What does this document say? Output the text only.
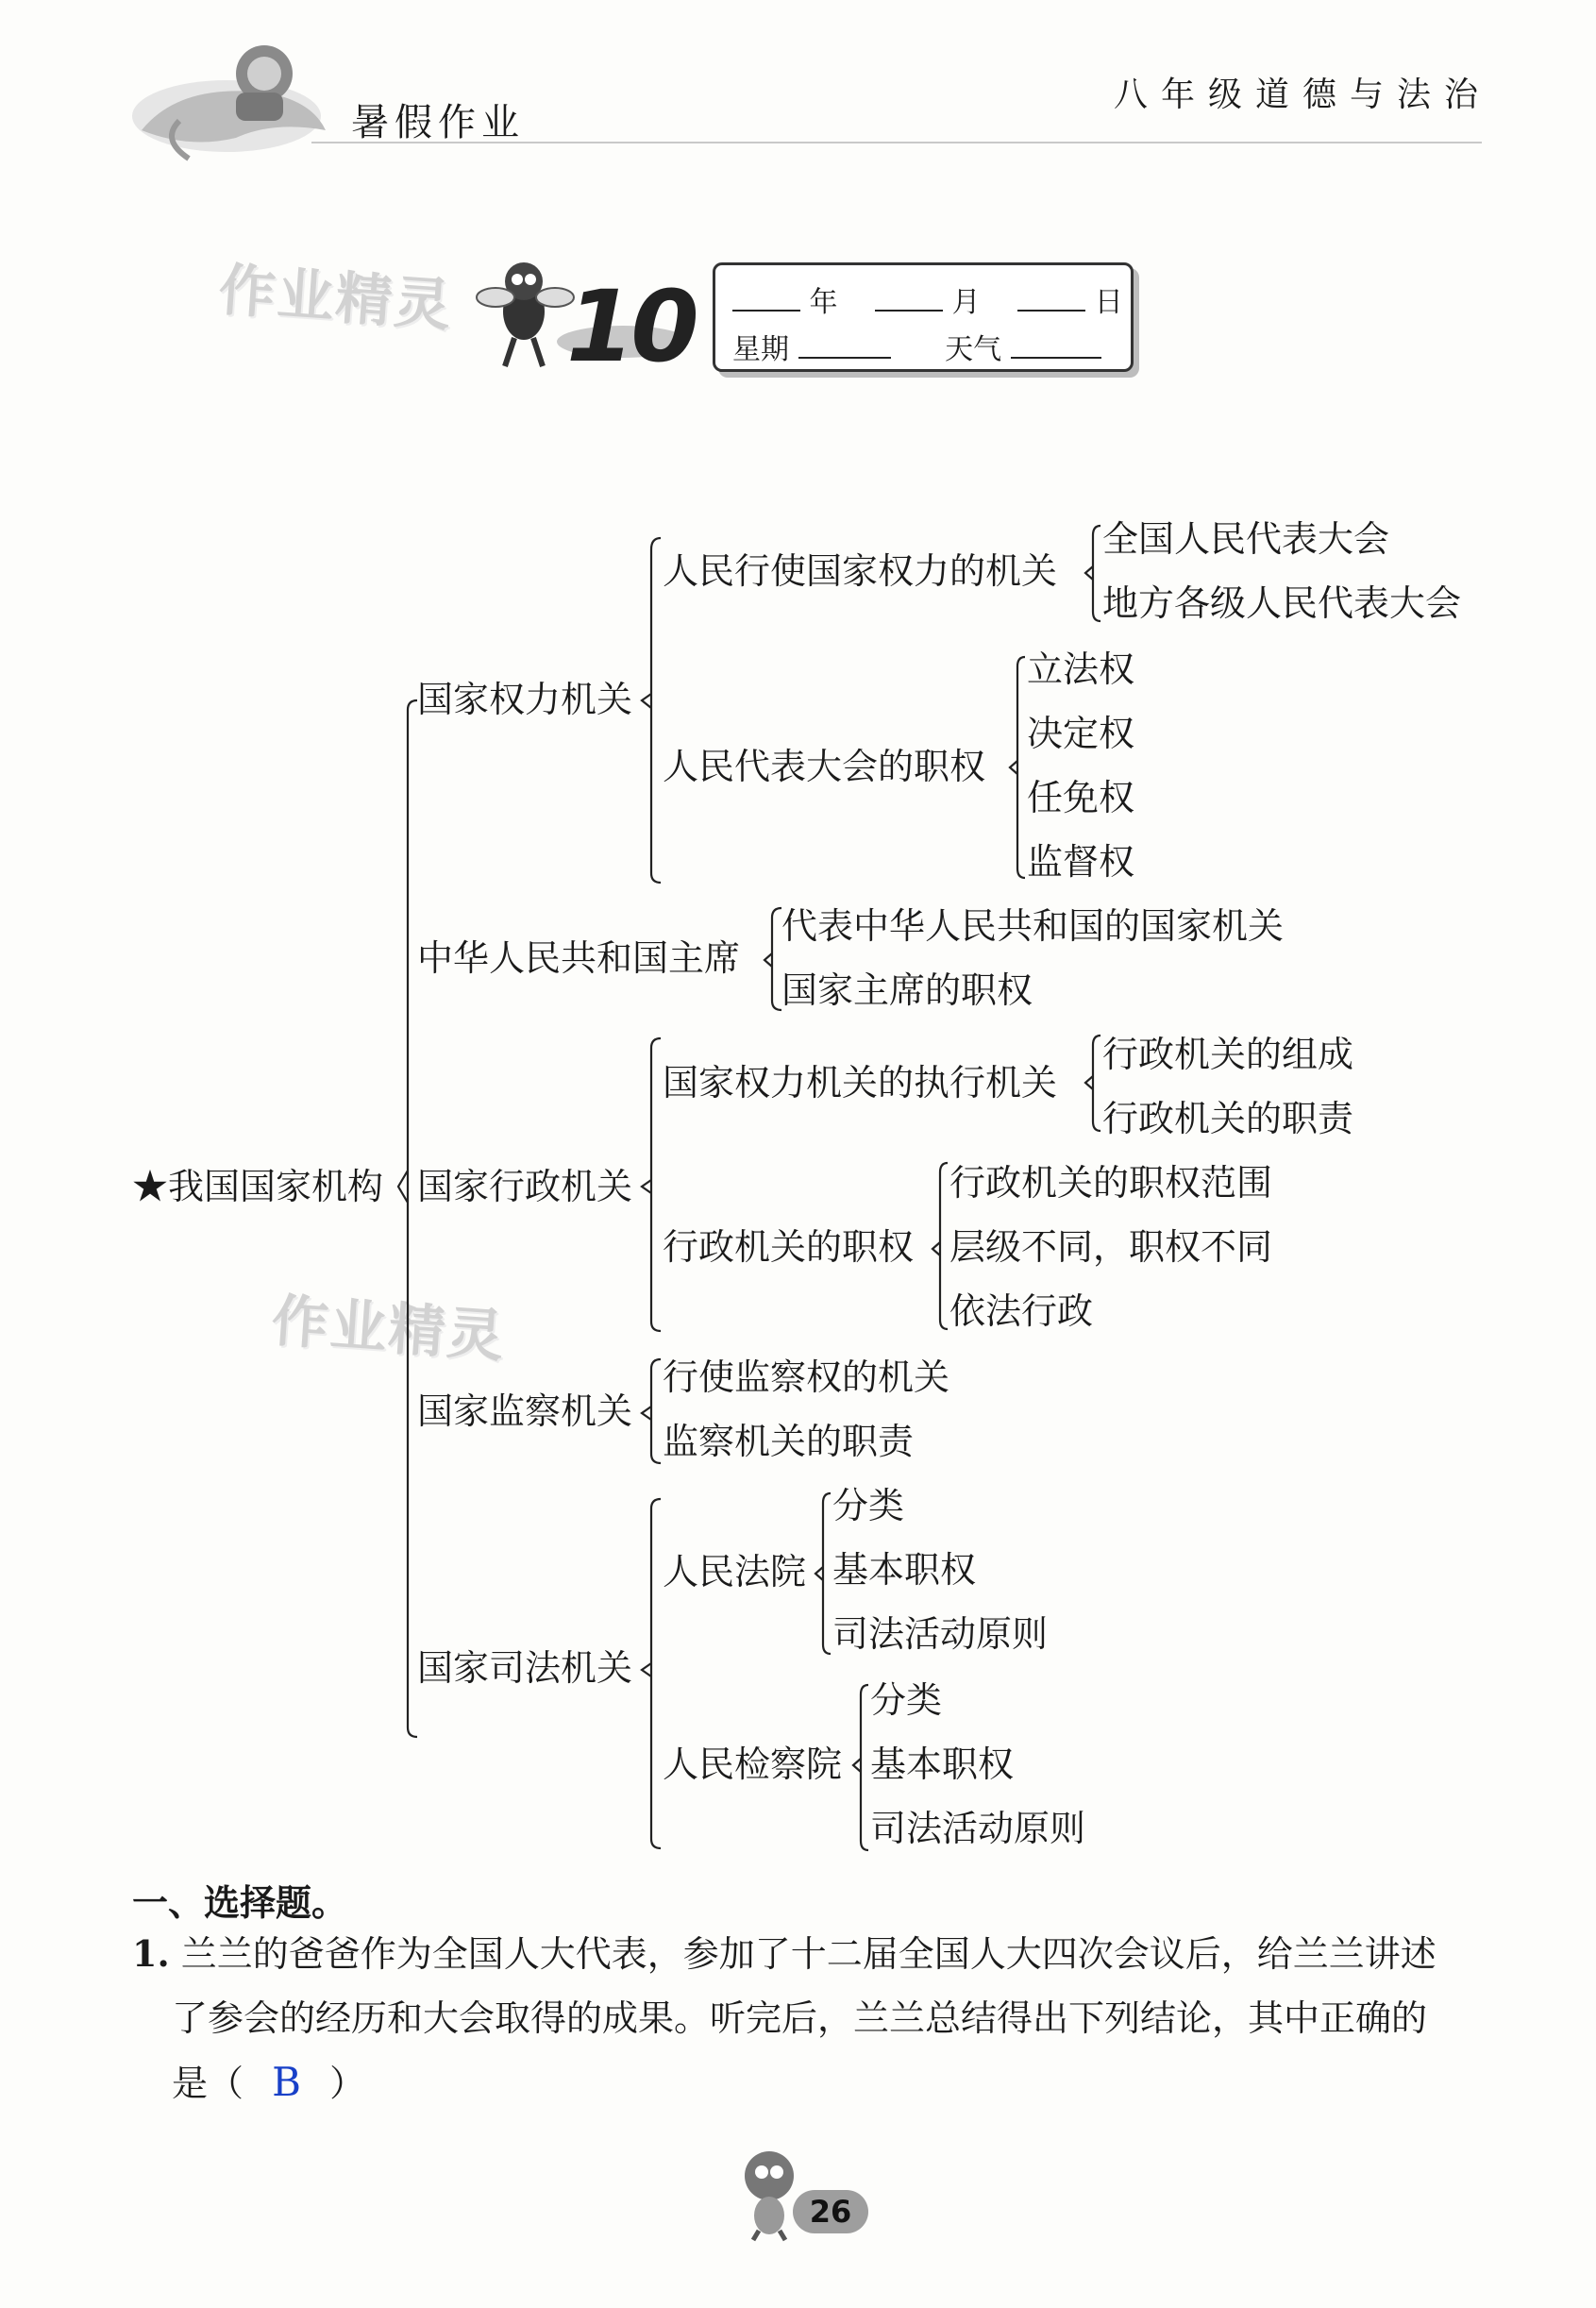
暑假作业
八年级道德与法治
作业精灵
作业精灵
10	年	月	日
星期	天气
★我国国家机构
国家权力机关
人民行使国家权力的机关
全国人民代表大会
地方各级人民代表大会
人民代表大会的职权
立法权
决定权
任免权
监督权
中华人民共和国主席
代表中华人民共和国的国家机关
国家主席的职权
国家行政机关
国家权力机关的执行机关
行政机关的组成
行政机关的职责
行政机关的职权
行政机关的职权范围
层级不同，职权不同
依法行政
国家监察机关
行使监察权的机关
监察机关的职责
国家司法机关
人民法院
分类
基本职权
司法活动原则
人民检察院
分类
基本职权
司法活动原则
一、选择题。
1. 兰兰的爸爸作为全国人大代表，参加了十二届全国人大四次会议后，给兰兰讲述
了参会的经历和大会取得的成果。听完后，兰兰总结得出下列结论，其中正确的
是（ B ）
26
